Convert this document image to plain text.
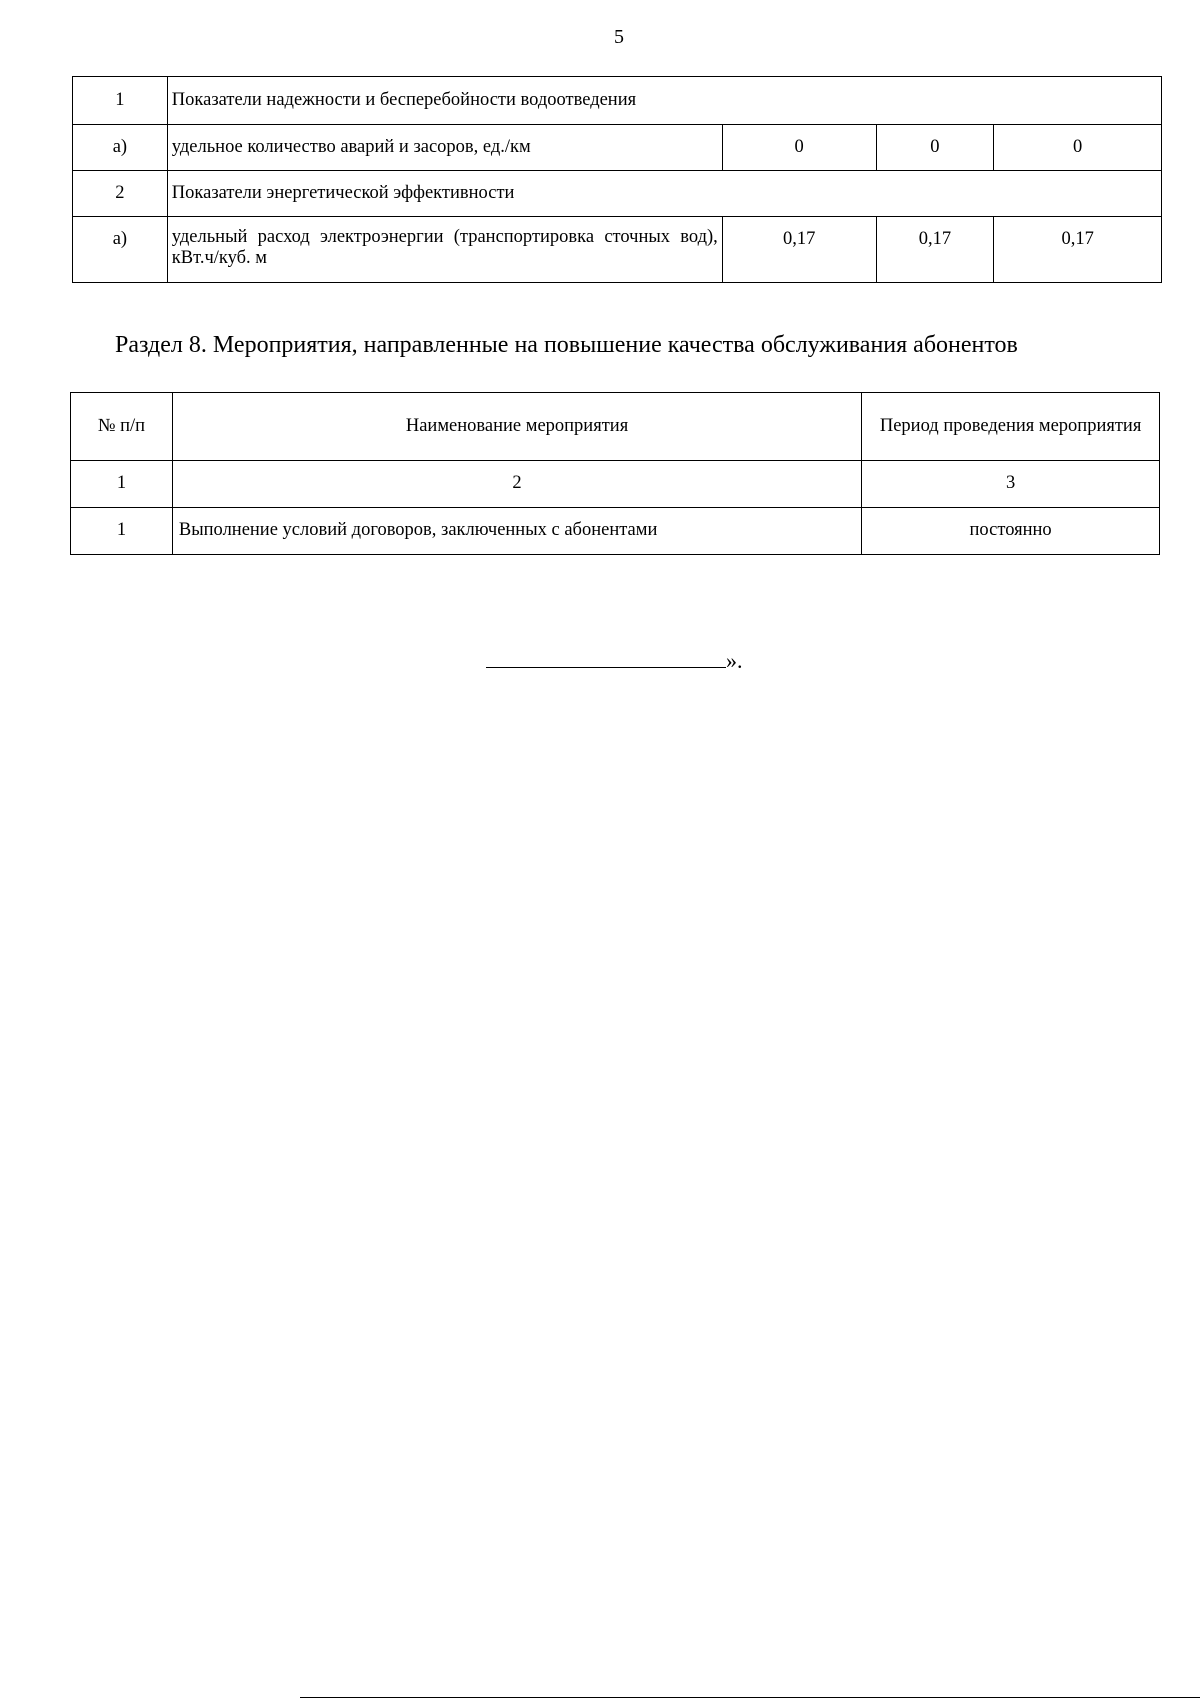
5
1	Показатели надежности и бесперебойности водоотведения			
а)	удельное количество аварий и засоров, ед./км	0	0	0
2	Показатели энергетической эффективности			
а)	удельный расход электроэнергии (транспортировка сточных вод), кВт.ч/куб. м	0,17	0,17	0,17
Раздел 8. Мероприятия, направленные на повышение качества обслуживания абонентов
№ п/п	Наименование мероприятия	Период проведения мероприятия
1	2	3
1	Выполнение условий договоров, заключенных с абонентами	постоянно
».
